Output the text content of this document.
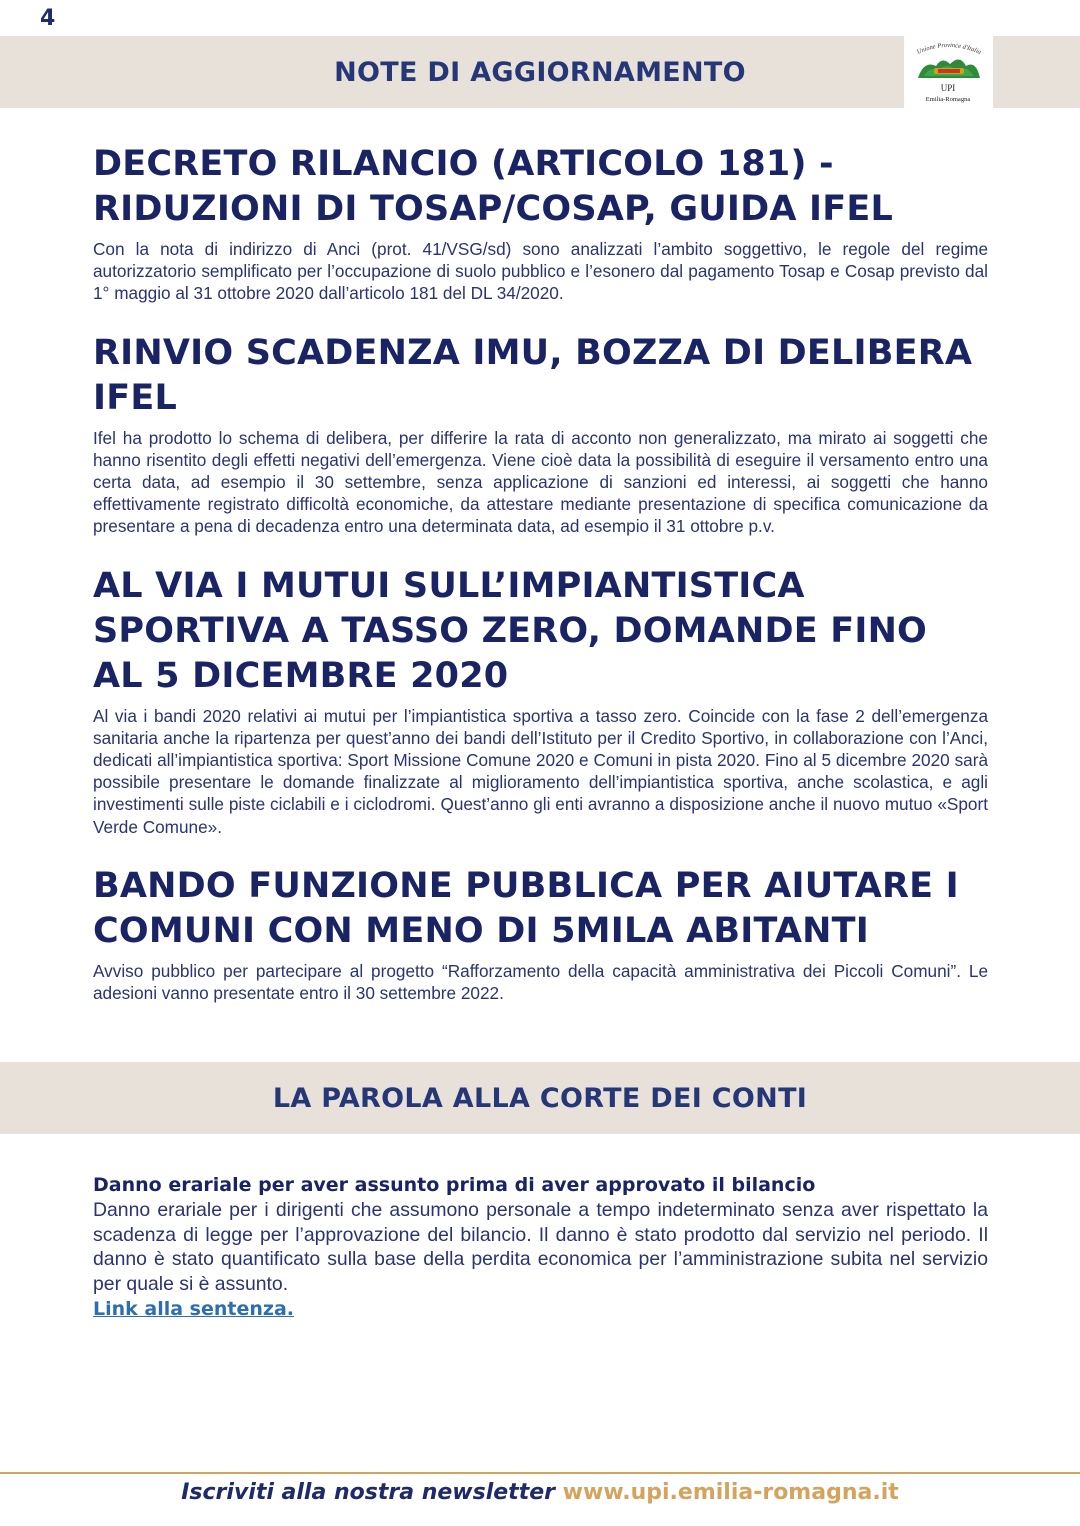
4
NOTE DI AGGIORNAMENTO
Unione Province d'Italia
UPI
Emilia-Romagna
DECRETO RILANCIO (ARTICOLO 181) - RIDUZIONI DI TOSAP/COSAP, GUIDA IFEL

Con la nota di indirizzo di Anci (prot. 41/VSG/sd) sono analizzati l’ambito soggettivo, le regole del regime autorizzatorio semplificato per l’occupazione di suolo pubblico e l’esonero dal pagamento Tosap e Cosap previsto dal 1° maggio al 31 ottobre 2020 dall’articolo 181 del DL 34/2020.

RINVIO SCADENZA IMU, BOZZA DI DELIBERA IFEL

Ifel ha prodotto lo schema di delibera, per differire la rata di acconto non generalizzato, ma mirato ai soggetti che hanno risentito degli effetti negativi dell’emergenza. Viene cioè data la possibilità di eseguire il versamento entro una certa data, ad esempio il 30 settembre, senza applicazione di sanzioni ed interessi, ai soggetti che hanno effettivamente registrato difficoltà economiche, da attestare mediante presentazione di specifica comunicazione da presentare a pena di decadenza entro una determinata data, ad esempio il 31 ottobre p.v.

AL VIA I MUTUI SULL’IMPIANTISTICA SPORTIVA A TASSO ZERO, DOMANDE FINO AL 5 DICEMBRE 2020

Al via i bandi 2020 relativi ai mutui per l’impiantistica sportiva a tasso zero. Coincide con la fase 2 dell’emergenza sanitaria anche la ripartenza per quest’anno dei bandi dell’Istituto per il Credito Sportivo, in collaborazione con l’Anci, dedicati all’impiantistica sportiva: Sport Missione Comune 2020 e Comuni in pista 2020. Fino al 5 dicembre 2020 sarà possibile presentare le domande finalizzate al miglioramento dell’impiantistica sportiva, anche scolastica, e agli investimenti sulle piste ciclabili e i ciclodromi. Quest’anno gli enti avranno a disposizione anche il nuovo mutuo «Sport Verde Comune».

BANDO FUNZIONE PUBBLICA PER AIUTARE I COMUNI CON MENO DI 5MILA ABITANTI

Avviso pubblico per partecipare al progetto “Rafforzamento della capacità amministrativa dei Piccoli Comuni”. Le adesioni vanno presentate entro il 30 settembre 2022.

LA PAROLA ALLA CORTE DEI CONTI
Danno erariale per aver assunto prima di aver approvato il bilancio

Danno erariale per i dirigenti che assumono personale a tempo indeterminato senza aver rispettato la scadenza di legge per l’approvazione del bilancio. Il danno è stato prodotto dal servizio nel periodo. Il danno è stato quantificato sulla base della perdita economica per l’amministrazione subita nel servizio per quale si è assunto.

Link alla sentenza.
Iscriviti alla nostra newsletter www.upi.emilia-romagna.it
